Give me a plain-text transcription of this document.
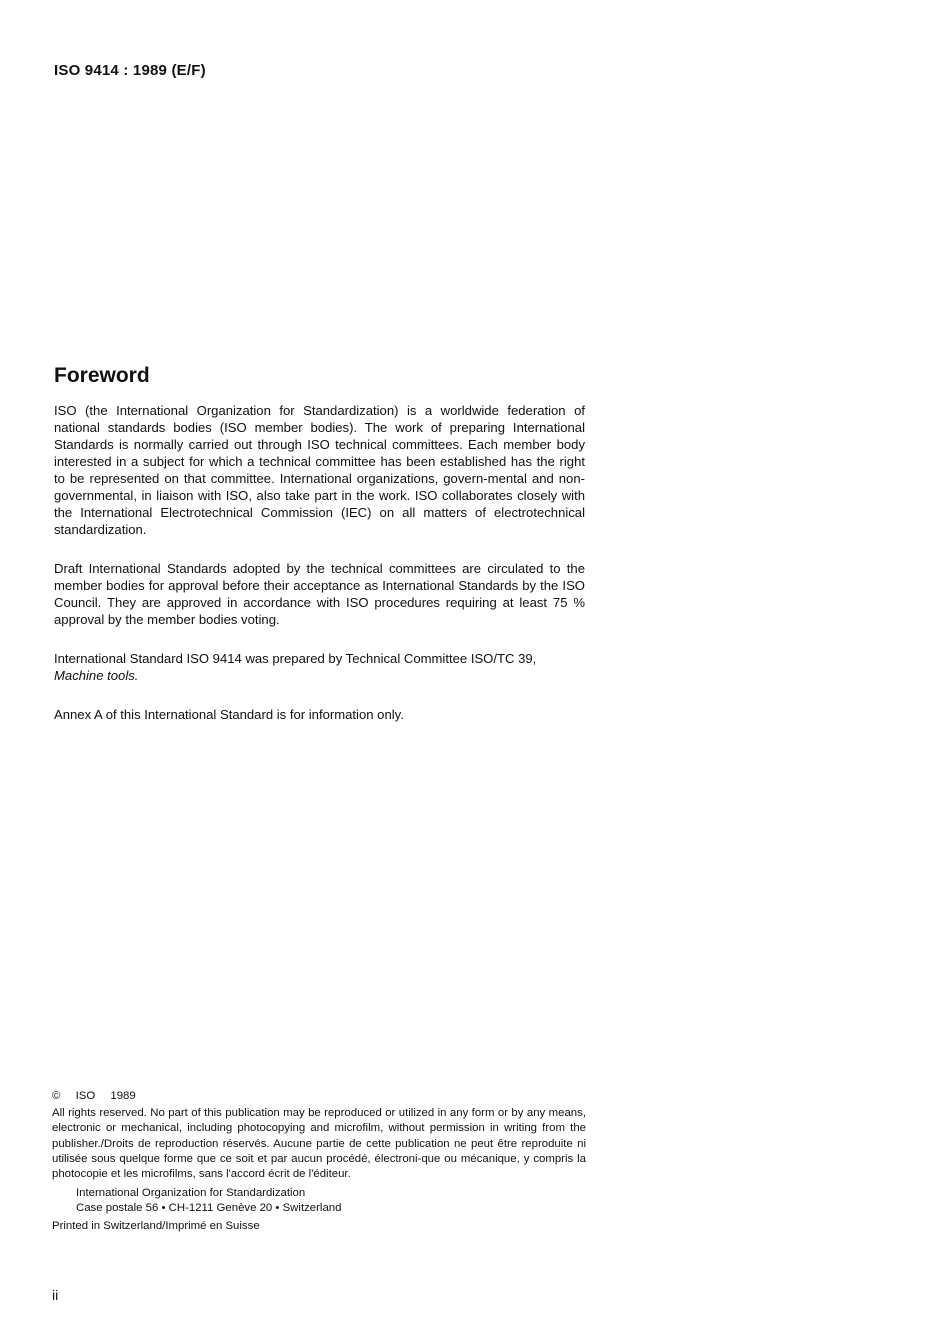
ISO 9414 : 1989 (E/F)
Foreword

ISO (the International Organization for Standardization) is a worldwide federation of national standards bodies (ISO member bodies). The work of preparing International Standards is normally carried out through ISO technical committees. Each member body interested in a subject for which a technical committee has been established has the right to be represented on that committee. International organizations, govern-mental and non-governmental, in liaison with ISO, also take part in the work. ISO collaborates closely with the International Electrotechnical Commission (IEC) on all matters of electrotechnical standardization.

Draft International Standards adopted by the technical committees are circulated to the member bodies for approval before their acceptance as International Standards by the ISO Council. They are approved in accordance with ISO procedures requiring at least 75 % approval by the member bodies voting.

International Standard ISO 9414 was prepared by Technical Committee ISO/TC 39,
Machine tools.

Annex A of this International Standard is for information only.

© ISO 1989

All rights reserved. No part of this publication may be reproduced or utilized in any form or by any means, electronic or mechanical, including photocopying and microfilm, without permission in writing from the publisher./Droits de reproduction réservés. Aucune partie de cette publication ne peut être reproduite ni utilisée sous quelque forme que ce soit et par aucun procédé, électroni-que ou mécanique, y compris la photocopie et les microfilms, sans l'accord écrit de l'éditeur.

International Organization for Standardization

Case postale 56 • CH-1211 Genève 20 • Switzerland

Printed in Switzerland/Imprimé en Suisse

ii
